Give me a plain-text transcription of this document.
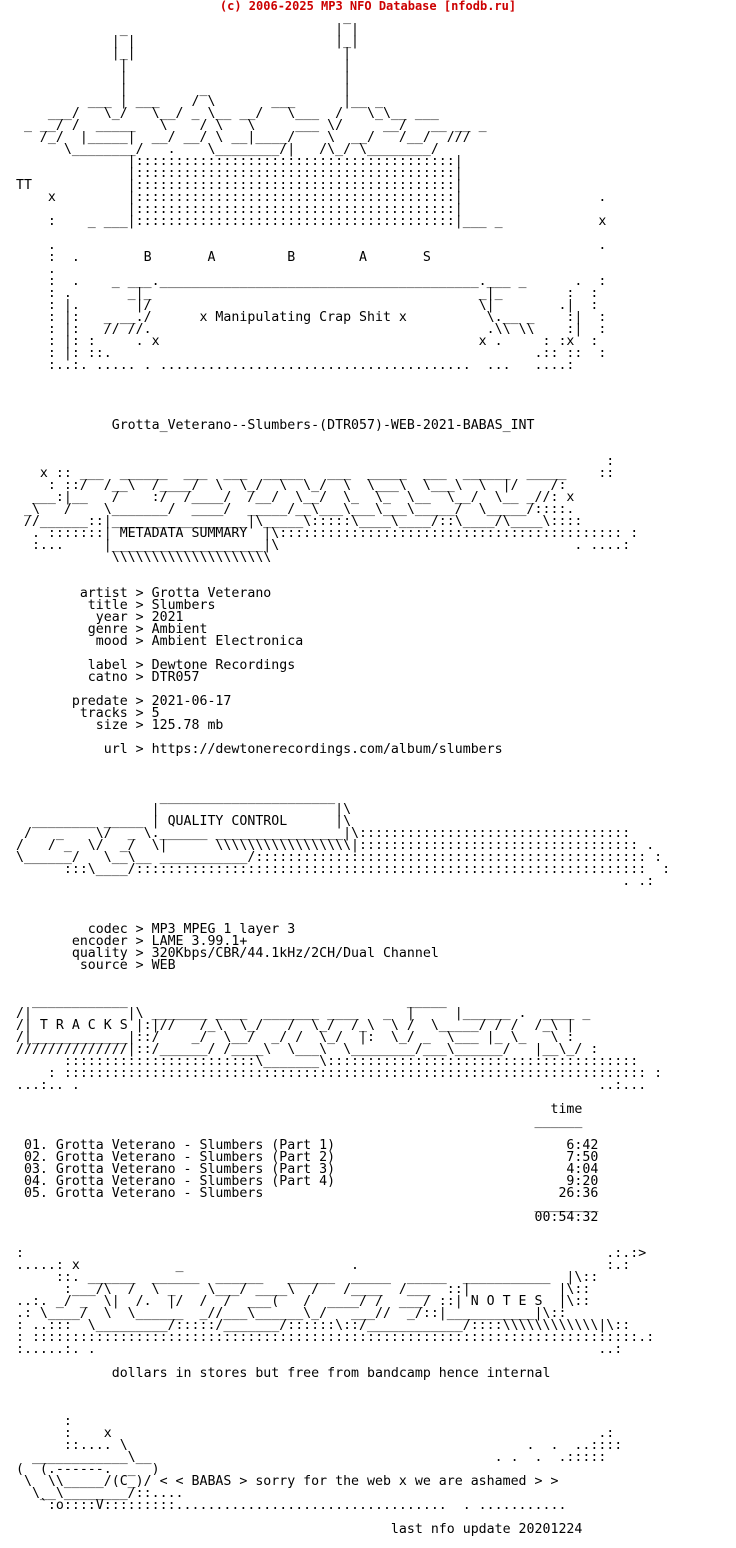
(c) 2006-2025 MP3 NFO Database [nfodb.ru]
_
_                          | |
| |                         |_|
|_|                          |
|                           |
|                           |
|         _                 |
___ | ___    / \       ___      |__ _
___/   \_/   \__/ _ \__ __/   \___  /   \_\__ ___
_ __/ /  _____   \    / \   \     ___ \/     __/   __ __ _
/_/  |_____|  __/ __/ \ __|____/    \  __/   /__/  ///
\________/   .    \________/|   /\_/ \________/
|::::::::::::::::::::::::::::::::::::::::|
|::::::::::::::::::::::::::::::::::::::::|
TT            |::::::::::::::::::::::::::::::::::::::::|
x         |::::::::::::::::::::::::::::::::::::::::|                 .
|::::::::::::::::::::::::::::::::::::::::|
:    _ ___|::::::::::::::::::::::::::::::::::::::::|___ _            x
.                                                                    .
:  .        B       A         B        A       S
.
:  .    _ ___.________________________________________.___ _      .  :
: .       _|_                                         _|_        :  :
: |.       |/                                         \|        .|  :
: |:   _ __./      x Manipulating Crap Shit x          \.__ _    :|  :
: |:   // //.                                          .\\ \\    :|  :
: |: :     . x                                        x .     : :x  :
: |: ::.                                                     .:: ::  :
:..:. ..... . .......................................  ...   ....:
Grotta_Veterano--Slumbers-(DTR057)-WEB-2021-BABAS_INT
:
x :: ___  ______  ___  ___  _____   ___  _____  ___  ______  _____    ::
: ::/  /__\  /____/  \  \_/  \  \_/  \  \___\  \___\  \  |/    /:
___:|__   /    :/  /____/  /__/  \__/  \_  \_  \__  \__/  \__ _//: x
_\   /    \_______/  ____/  _____/__\___\___\___\_____/  \_____/::::.
//______::|_________________|\_____\:::::\____\____/::\____/\____\::::
. :::::::| METADATA SUMMARY  |\::::::::::::::::::::::::::::::::::::::::::: :
:...     |___________________|\                                     . ....:
\\\\\\\\\\\\\\\\\\\\
artist > Grotta Veterano
title > Slumbers
year > 2021
genre > Ambient
mood > Ambient Electronica
label > Dewtone Recordings
catno > DTR057
predate > 2021-06-17
tracks > 5
size > 125.78 mb
url > https://dewtonerecordings.com/album/slumbers
______________________
|                      |\
________ _____ | QUALITY CONTROL      |\
/   _    \/  _ \.______ ________________|\::::::::::::::::::::::::::::::::::
/   / _  \/  _/  \|      \\\\\\\\\\\\\\\\\|::::::::::::::::::::::::::::::::::: .
\______/   \__\__ ___________/::::::::::::::::::::::::::::::::::::::::::::::::: :
:::\____/::::::::::::::::::::::::::::::::::::::::::::::::::::::::::::::::  :
. .:
codec > MP3 MPEG 1 layer 3
encoder > LAME 3.99.1+
quality > 320Kbps/CBR/44.1kHz/2CH/Dual Channel
source > WEB
____________                                   _____
/|            |\ _______ ____  _______ ____   _  |     |______ .  ____ _
/| T R A C K S |:|//   /_\  \_/   /  \_/  /_\  \ /  \_____/ / /  /_\ |
/|____________|::/    _/  \__/  _/ /  \_/  |:  \_/ _  \___ |_ \_   \ :
//////////////|::/______/ /____\  \___\  \________/___\______/   |__\_/ :
::::::::::::::::::::::::\_______\:::::::::::::::::::::::::::::::::::::::
: ::::::::::::::::::::::::::::::::::::::::::::::::::::::::::::::::::::::::: :
...:.. .                                                                 ..:...
time
______
01. Grotta Veterano - Slumbers (Part 1)                             6:42
02. Grotta Veterano - Slumbers (Part 2)                             7:50
03. Grotta Veterano - Slumbers (Part 3)                             4:04
04. Grotta Veterano - Slumbers (Part 4)                             9:20
05. Grotta Veterano - Slumbers                                     26:36
________
00:54:32
:                                                                         .:.:>
.....: x            _                     .                               :.:
::. ______  ______  ______   ______  _____  _____  ___________  |\::
:___/\  /  \ _    \___/ ____\  /   /____  /___  ::|           |\::
..:. _/ _  \|  /.  |/  /  /  ___(   /  ____/ /  ___/ ::| N O T E S  |\::
.: \____/  \  \______  _//___\______\_/   ___//  _/::|___________|\::
: ..:::  \_________/:::::/_______/::::::\::/____________/::::\\\\\\\\\\\\|\::
: ::::::::::::::::::::::::::::::::::::::::::::::::::::::::::::::::::::::::::::.:
:.....:. .                                                               ..:
dollars in stores but free from bandcamp hence internal
:
:    x                                                             .:
::.... \                                                  .  .  ..::::
____________\__                                           . .  .  .:::::
(  (.------.  _  )
\  \\_____/(C_)/ < < BABAS > sorry for the web x we are ashamed > >
\__\________/::....
`:o::::V:::::::::..................................  . ...........
last nfo update 20201224
